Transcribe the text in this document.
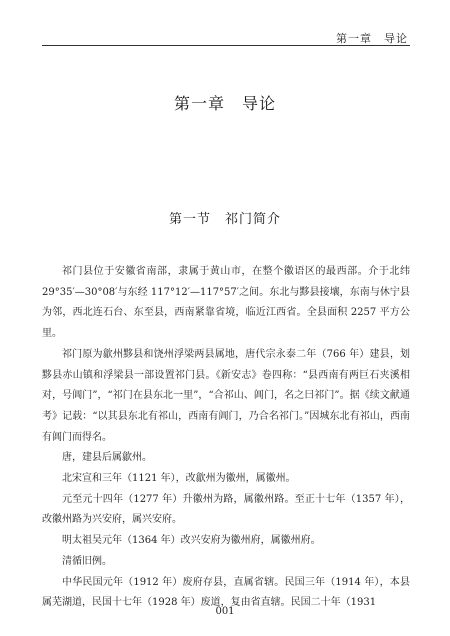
第一章　导论
第一章　导论
第一节　祁门简介

祁门县位于安徽省南部，隶属于黄山市，在整个徽语区的最西部。介于北纬 29°35′—30°08′与东经 117°12′—117°57′之间。东北与黟县接壤，东南与休宁县为邻，西北连石台、东至县，西南紧靠省境，临近江西省。全县面积 2257 平方公里。

祁门原为歙州黟县和饶州浮梁两县属地，唐代宗永泰二年（766 年）建县，划黟县赤山镇和浮梁县一部设置祁门县。《新安志》卷四称：“县西南有两巨石夹溪相对，号阊门”，“祁门在县东北一里”，“合祁山、阊门，名之曰祁门”。据《续文献通考》记载：“以其县东北有祁山，西南有阊门，乃合名祁门。”因城东北有祁山，西南有阊门而得名。

唐，建县后属歙州。

北宋宣和三年（1121 年），改歙州为徽州，属徽州。

元至元十四年（1277 年）升徽州为路，属徽州路。至正十七年（1357 年），改徽州路为兴安府，属兴安府。

明太祖吴元年（1364 年）改兴安府为徽州府，属徽州府。

清循旧例。

中华民国元年（1912 年）废府存县，直属省辖。民国三年（1914 年），本县属芜湖道，民国十七年（1928 年）废道，复由省直辖。民国二十年（1931

001
